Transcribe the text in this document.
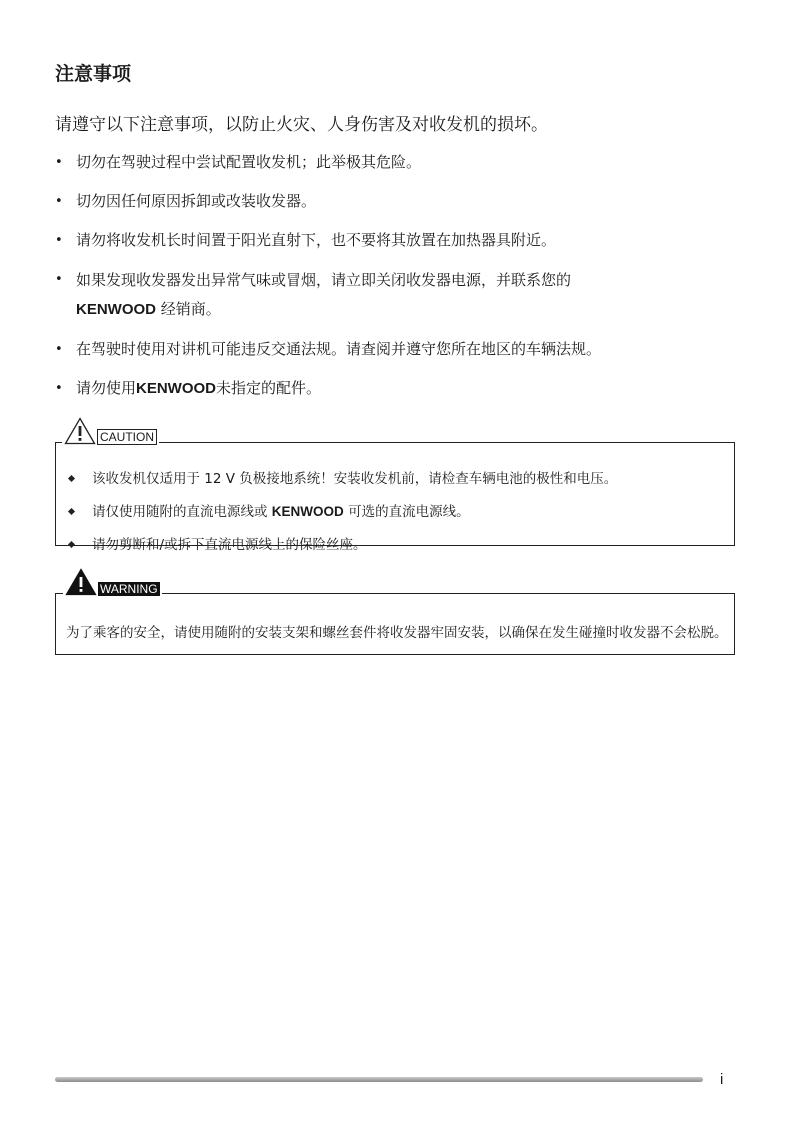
注意事项

请遵守以下注意事项，以防止火灾、人身伤害及对收发机的损坏。

• 切勿在驾驶过程中尝试配置收发机；此举极其危险。
• 切勿因任何原因拆卸或改装收发器。
• 请勿将收发机长时间置于阳光直射下，也不要将其放置在加热器具附近。
• 如果发现收发器发出异常气味或冒烟，请立即关闭收发器电源，并联系您的
KENWOOD 经销商。
• 在驾驶时使用对讲机可能违反交通法规。请查阅并遵守您所在地区的车辆法规。
• 请勿使用KENWOOD未指定的配件。
CAUTION
该收发机仅适用于 12 V 负极接地系统！安装收发机前，请检查车辆电池的极性和电压。
请仅使用随附的直流电源线或 KENWOOD 可选的直流电源线。
请勿剪断和/或拆下直流电源线上的保险丝座。
WARNING

为了乘客的安全，请使用随附的安装支架和螺丝套件将收发器牢固安装，以确保在发生碰撞时收发器不会松脱。

i
